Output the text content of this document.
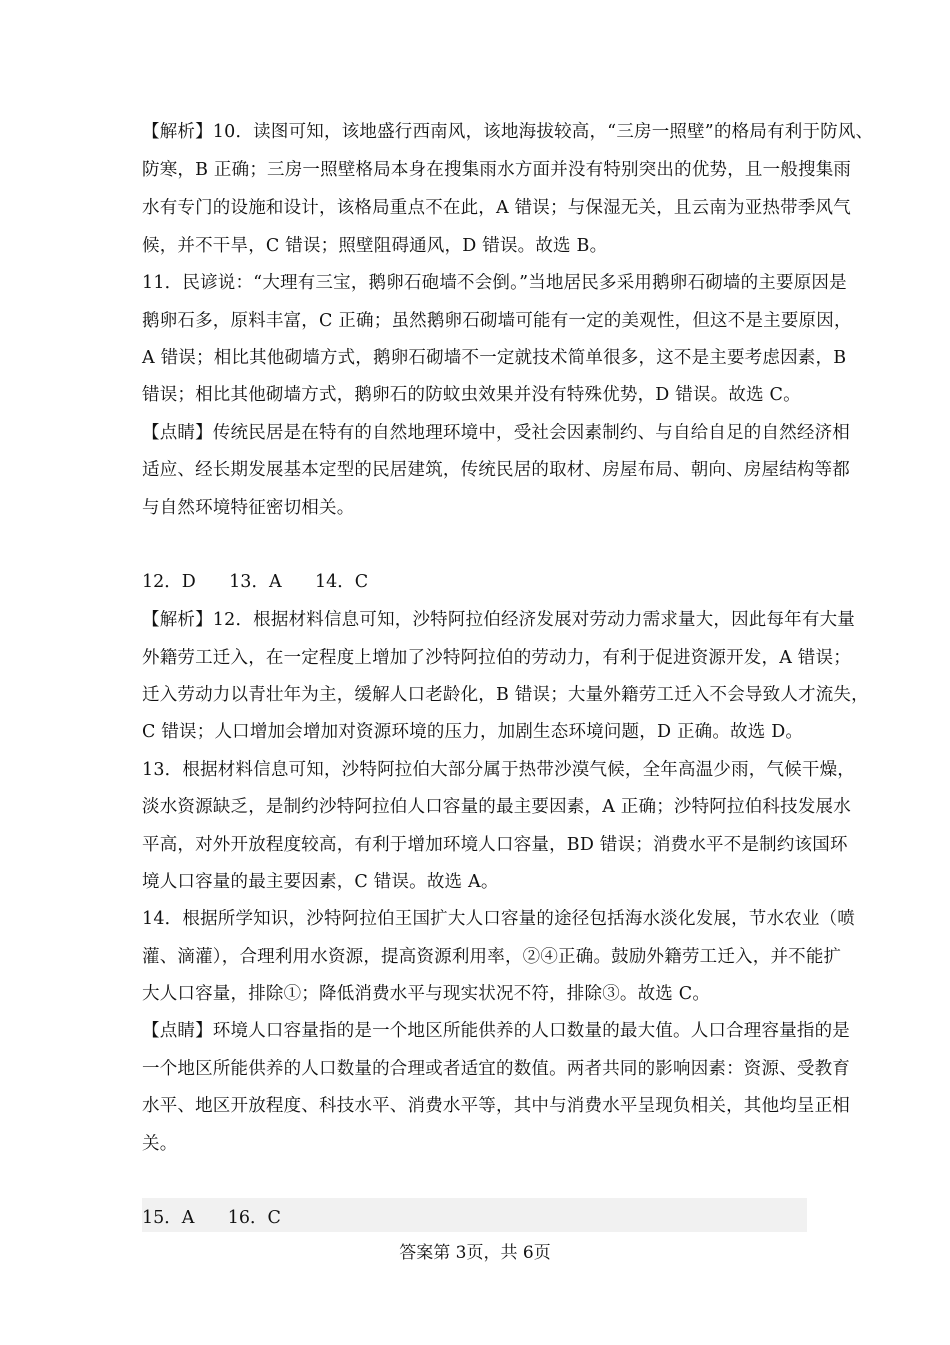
【解析】10．读图可知，该地盛行西南风，该地海拔较高，“三房一照壁”的格局有利于防风、
防寒，B 正确；三房一照壁格局本身在搜集雨水方面并没有特别突出的优势，且一般搜集雨
水有专门的设施和设计，该格局重点不在此，A 错误；与保湿无关，且云南为亚热带季风气
候，并不干旱，C 错误；照壁阻碍通风，D 错误。故选 B。
11．民谚说：“大理有三宝，鹅卵石砲墙不会倒。”当地居民多采用鹅卵石砌墙的主要原因是
鹅卵石多，原料丰富，C 正确；虽然鹅卵石砌墙可能有一定的美观性，但这不是主要原因，
A 错误；相比其他砌墙方式，鹅卵石砌墙不一定就技术简单很多，这不是主要考虑因素，B
错误；相比其他砌墙方式，鹅卵石的防蚊虫效果并没有特殊优势，D 错误。故选 C。
【点睛】传统民居是在特有的自然地理环境中，受社会因素制约、与自给自足的自然经济相
适应、经长期发展基本定型的民居建筑，传统民居的取材、房屋布局、朝向、房屋结构等都
与自然环境特征密切相关。
12．D      13．A      14．C
【解析】12．根据材料信息可知，沙特阿拉伯经济发展对劳动力需求量大，因此每年有大量
外籍劳工迁入，在一定程度上增加了沙特阿拉伯的劳动力，有利于促进资源开发，A 错误；
迁入劳动力以青壮年为主，缓解人口老龄化，B 错误；大量外籍劳工迁入不会导致人才流失，
C 错误；人口增加会增加对资源环境的压力，加剧生态环境问题，D 正确。故选 D。
13．根据材料信息可知，沙特阿拉伯大部分属于热带沙漠气候，全年高温少雨，气候干燥，
淡水资源缺乏，是制约沙特阿拉伯人口容量的最主要因素，A 正确；沙特阿拉伯科技发展水
平高，对外开放程度较高，有利于增加环境人口容量，BD 错误；消费水平不是制约该国环
境人口容量的最主要因素，C 错误。故选 A。
14．根据所学知识，沙特阿拉伯王国扩大人口容量的途径包括海水淡化发展，节水农业（喷
灌、滴灌），合理利用水资源，提高资源利用率，②④正确。鼓励外籍劳工迁入，并不能扩
大人口容量，排除①；降低消费水平与现实状况不符，排除③。故选 C。
【点睛】环境人口容量指的是一个地区所能供养的人口数量的最大值。人口合理容量指的是
一个地区所能供养的人口数量的合理或者适宜的数值。两者共同的影响因素：资源、受教育
水平、地区开放程度、科技水平、消费水平等，其中与消费水平呈现负相关，其他均呈正相
关。
15．A      16．C
答案第 3页，共 6页
